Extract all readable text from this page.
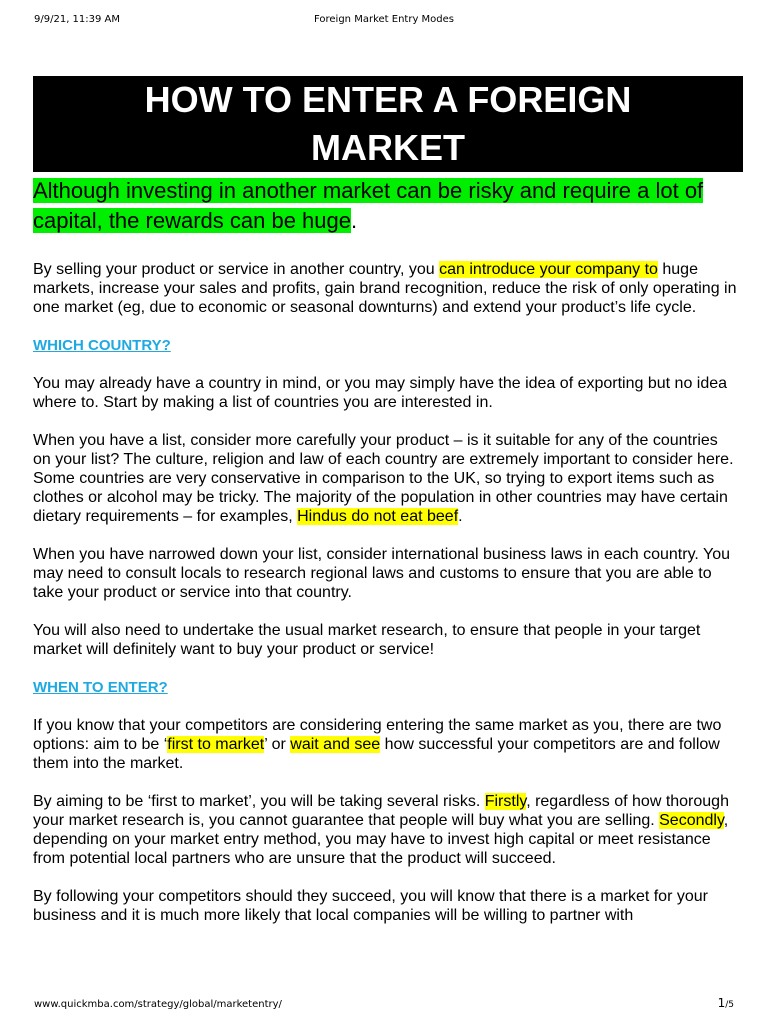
9/9/21, 11:39 AM	Foreign Market Entry Modes
HOW TO ENTER A FOREIGN
MARKET
Although investing in another market can be risky and require a lot of capital, the rewards can be huge.

By selling your product or service in another country, you can introduce your company to huge markets, increase your sales and profits, gain brand recognition, reduce the risk of only operating in one market (eg, due to economic or seasonal downturns) and extend your product’s life cycle.

WHICH COUNTRY?

You may already have a country in mind, or you may simply have the idea of exporting but no idea where to. Start by making a list of countries you are interested in.

When you have a list, consider more carefully your product – is it suitable for any of the countries on your list? The culture, religion and law of each country are extremely important to consider here. Some countries are very conservative in comparison to the UK, so trying to export items such as clothes or alcohol may be tricky. The majority of the population in other countries may have certain dietary requirements – for examples, Hindus do not eat beef.

When you have narrowed down your list, consider international business laws in each country. You may need to consult locals to research regional laws and customs to ensure that you are able to take your product or service into that country.

You will also need to undertake the usual market research, to ensure that people in your target market will definitely want to buy your product or service!

WHEN TO ENTER?

If you know that your competitors are considering entering the same market as you, there are two options: aim to be ‘first to market’ or wait and see how successful your competitors are and follow them into the market.

By aiming to be ‘first to market’, you will be taking several risks. Firstly, regardless of how thorough your market research is, you cannot guarantee that people will buy what you are selling. Secondly, depending on your market entry method, you may have to invest high capital or meet resistance from potential local partners who are unsure that the product will succeed.

By following your competitors should they succeed, you will know that there is a market for your business and it is much more likely that local companies will be willing to partner with

www.quickmba.com/strategy/global/marketentry/	1/5
